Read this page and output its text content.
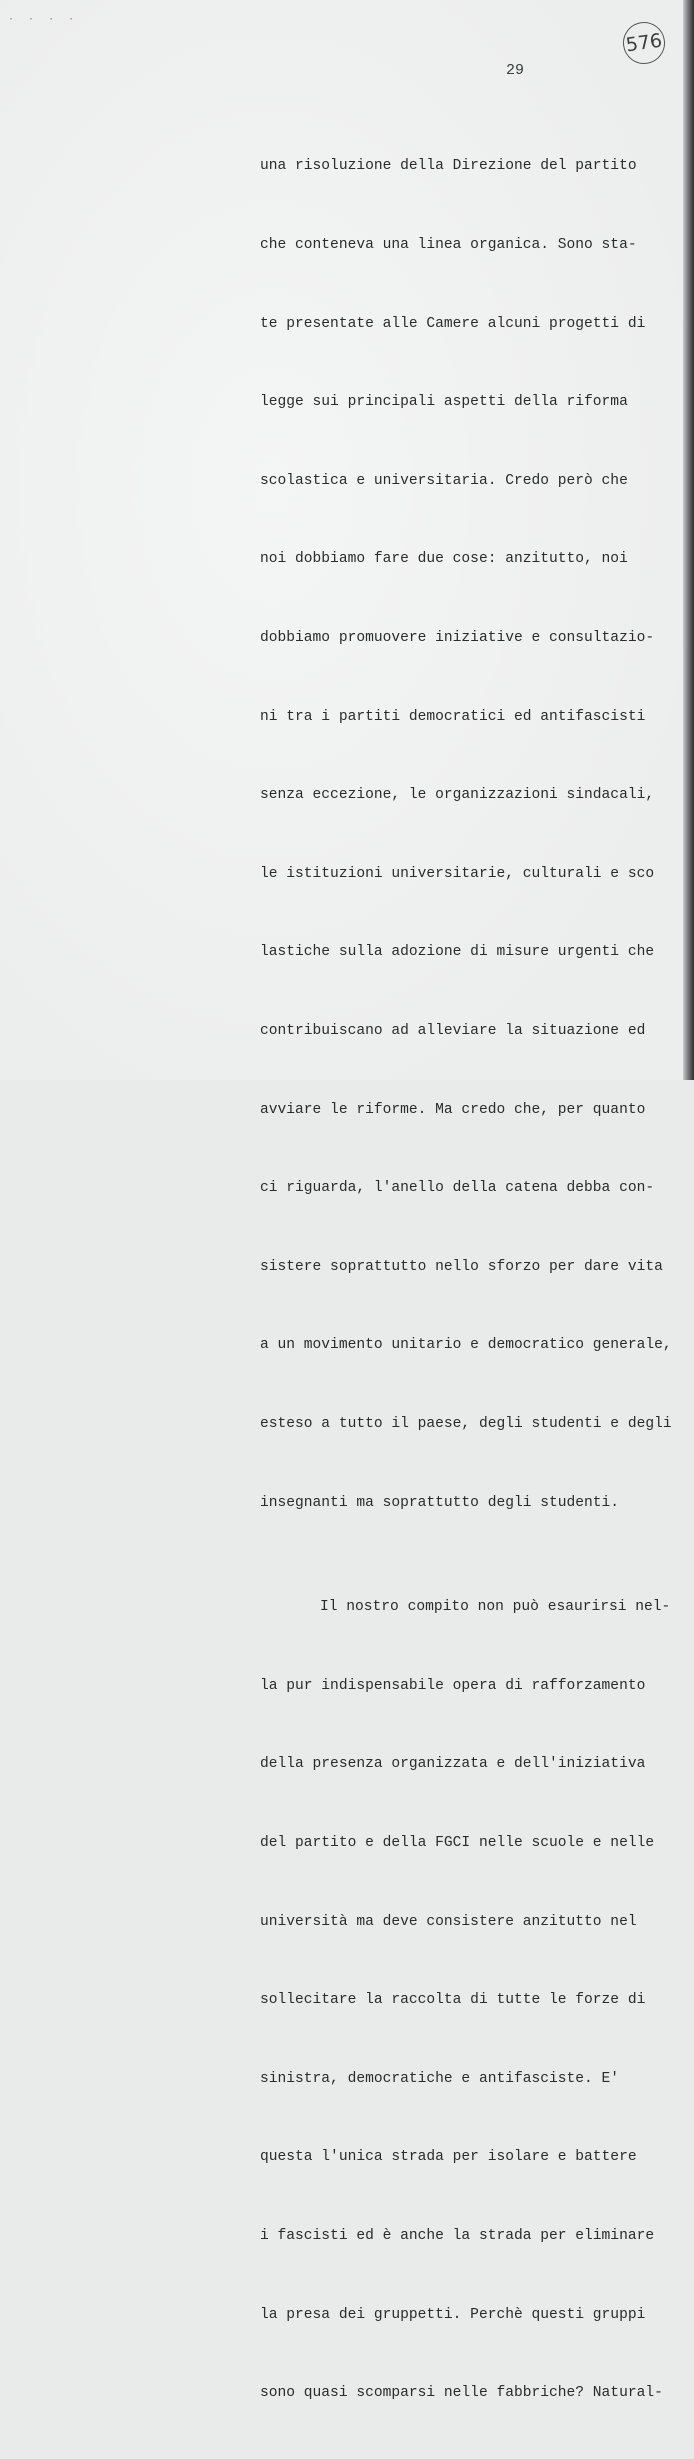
· · · ·
576
29

una risoluzione della Direzione del partito

che conteneva una linea organica. Sono sta-

te presentate alle Camere alcuni progetti di

legge sui principali aspetti della riforma

scolastica e universitaria. Credo però che

noi dobbiamo fare due cose: anzitutto, noi

dobbiamo promuovere iniziative e consultazio-

ni tra i partiti democratici ed antifascisti

senza eccezione, le organizzazioni sindacali,

le istituzioni universitarie, culturali e sco

lastiche sulla adozione di misure urgenti che

contribuiscano ad alleviare la situazione ed

avviare le riforme. Ma credo che, per quanto

ci riguarda, l'anello della catena debba con-

sistere soprattutto nello sforzo per dare vita

a un movimento unitario e democratico generale,

esteso a tutto il paese, degli studenti e degli

insegnanti ma soprattutto degli studenti.

Il nostro compito non può esaurirsi nel-

la pur indispensabile opera di rafforzamento

della presenza organizzata e dell'iniziativa

del partito e della FGCI nelle scuole e nelle

università ma deve consistere anzitutto nel

sollecitare la raccolta di tutte le forze di

sinistra, democratiche e antifasciste. E'

questa l'unica strada per isolare e battere

i fascisti ed è anche la strada per eliminare

la presa dei gruppetti. Perchè questi gruppi

sono quasi scomparsi nelle fabbriche? Natural-
